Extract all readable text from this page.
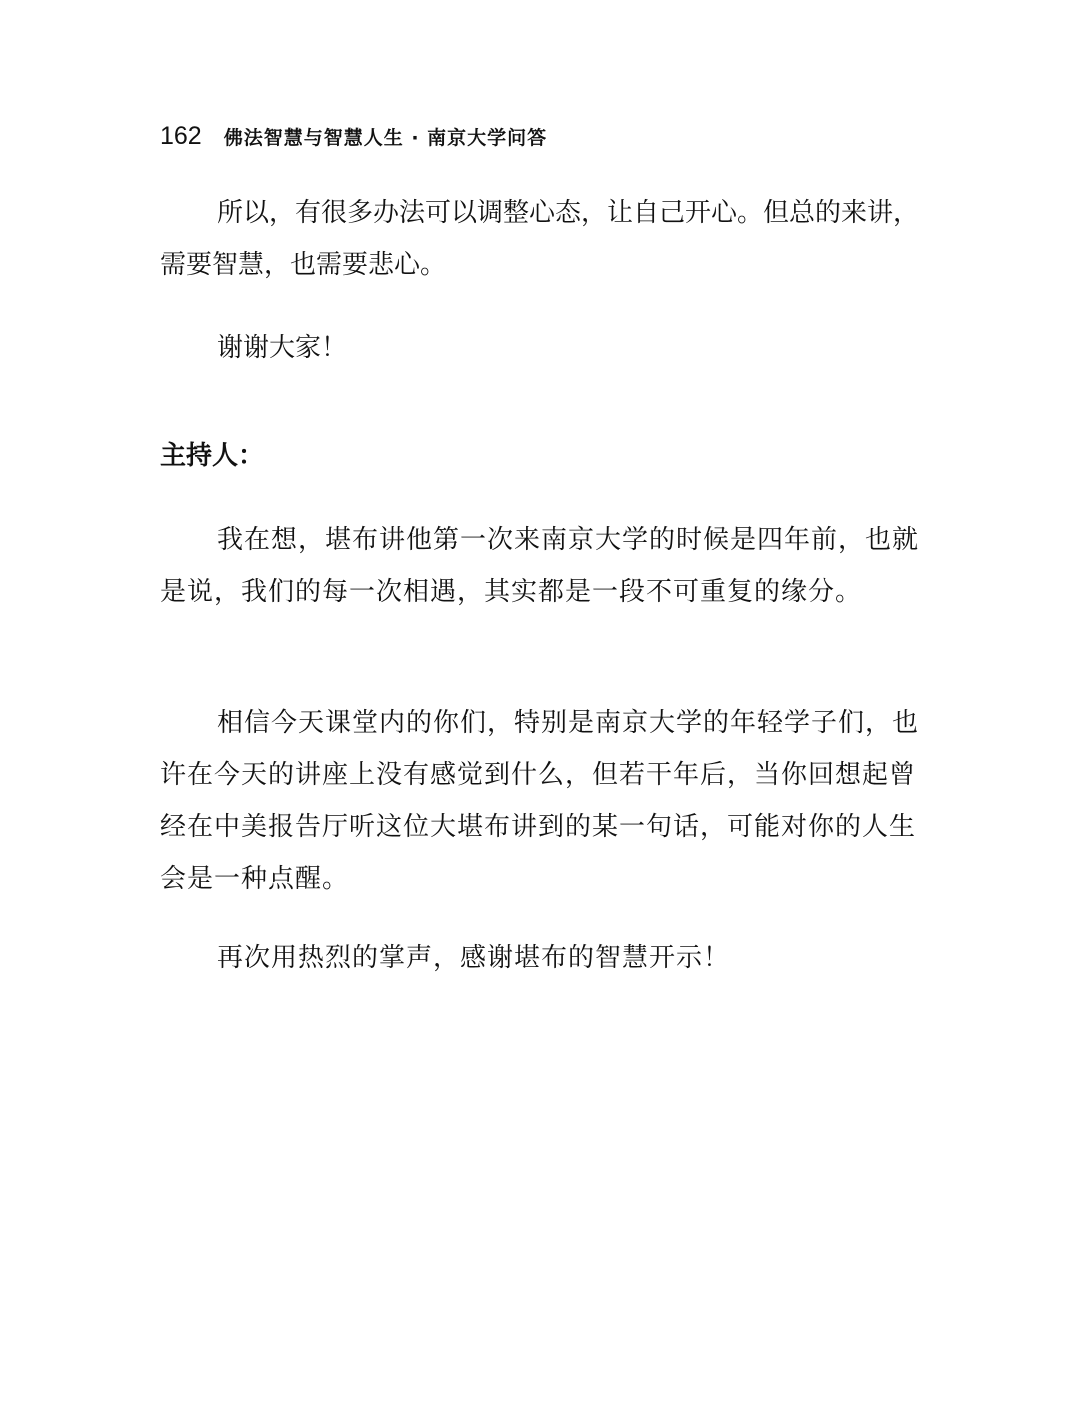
162 佛法智慧与智慧人生 · 南京大学问答

所以，有很多办法可以调整心态，让自己开心。但总的来讲，需要智慧，也需要悲心。

谢谢大家！

主持人：

我在想，堪布讲他第一次来南京大学的时候是四年前，也就是说，我们的每一次相遇，其实都是一段不可重复的缘分。

相信今天课堂内的你们，特别是南京大学的年轻学子们，也许在今天的讲座上没有感觉到什么，但若干年后，当你回想起曾经在中美报告厅听这位大堪布讲到的某一句话，可能对你的人生会是一种点醒。

再次用热烈的掌声，感谢堪布的智慧开示！
